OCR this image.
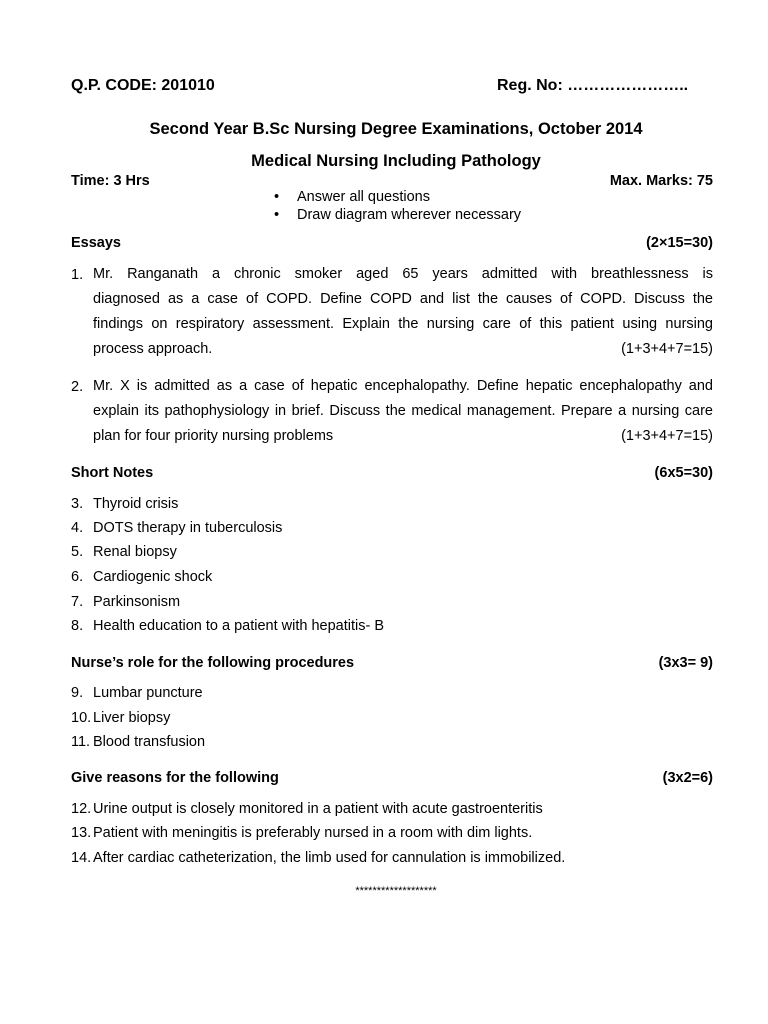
Q.P. CODE: 201010	Reg. No: …………………..
Second Year B.Sc Nursing Degree Examinations, October 2014
Medical Nursing Including Pathology
Time: 3 Hrs	Max. Marks: 75
• Answer all questions
• Draw diagram wherever necessary
Essays	(2×15=30)
1. Mr. Ranganath a chronic smoker aged 65 years admitted with breathlessness is
diagnosed as a case of COPD. Define COPD and list the causes of COPD. Discuss the
findings on respiratory assessment. Explain the nursing care of this patient using nursing
process approach.	(1+3+4+7=15)
2. Mr. X is admitted as a case of hepatic encephalopathy. Define hepatic encephalopathy and
explain its pathophysiology in brief. Discuss the medical management. Prepare a nursing care
plan for four priority nursing problems	(1+3+4+7=15)
Short Notes	(6x5=30)
3. Thyroid crisis
4. DOTS therapy in tuberculosis
5. Renal biopsy
6. Cardiogenic shock
7. Parkinsonism
8. Health education to a patient with hepatitis- B
Nurse’s role for the following procedures	(3x3= 9)
9. Lumbar puncture
10. Liver biopsy
11. Blood transfusion
Give reasons for the following	(3x2=6)
12. Urine output is closely monitored in a patient with acute gastroenteritis
13. Patient with meningitis is preferably nursed in a room with dim lights.
14. After cardiac catheterization, the limb used for cannulation is immobilized.
*******************
